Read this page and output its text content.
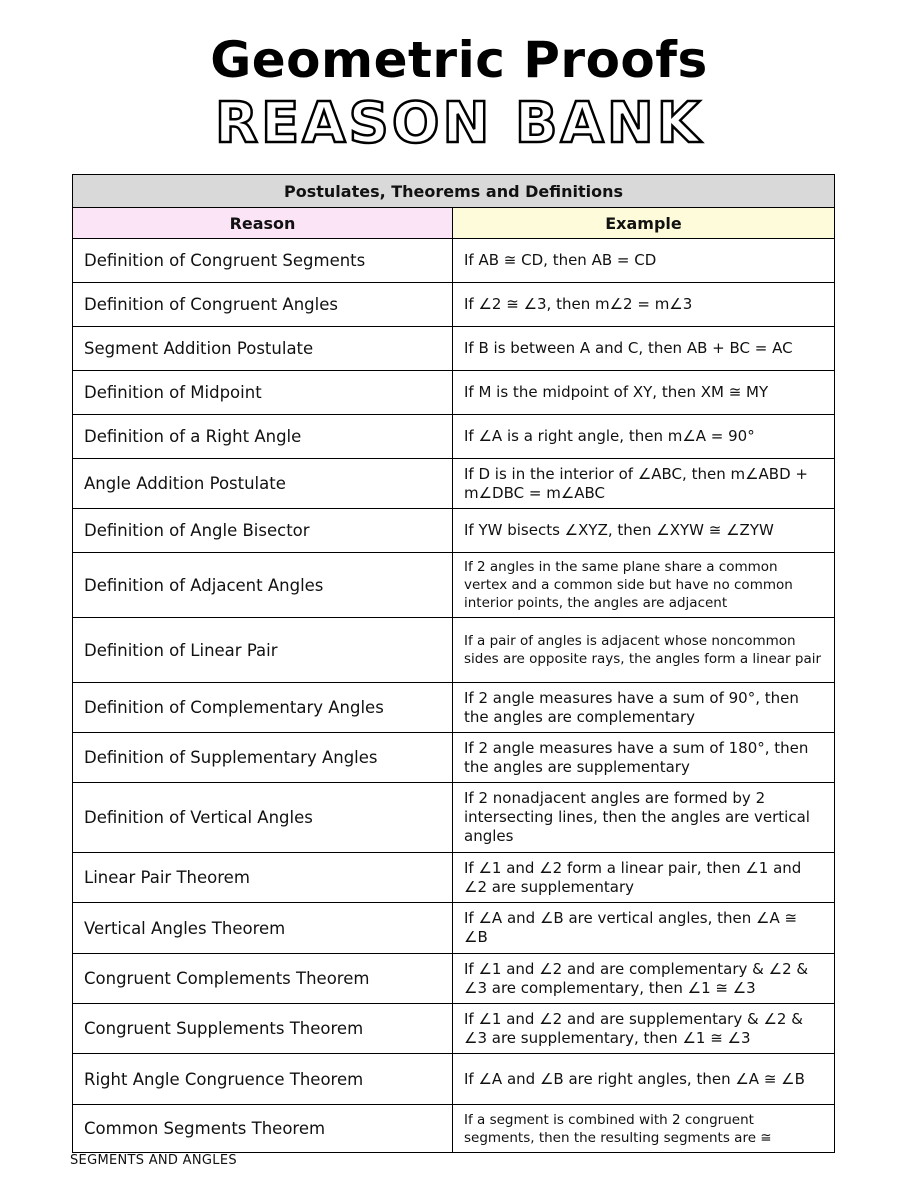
Geometric Proofs
REASON BANK
Postulates, Theorems and Definitions	
Reason	Example
Definition of Congruent Segments	If AB ≅ CD, then AB = CD
Definition of Congruent Angles	If ∠2 ≅ ∠3, then m∠2 = m∠3
Segment Addition Postulate	If B is between A and C, then AB + BC = AC
Definition of Midpoint	If M is the midpoint of XY, then XM ≅ MY
Definition of a Right Angle	If ∠A is a right angle, then m∠A = 90°
Angle Addition Postulate	If D is in the interior of ∠ABC, then m∠ABD + m∠DBC = m∠ABC
Definition of Angle Bisector	If YW bisects ∠XYZ, then ∠XYW ≅ ∠ZYW
Definition of Adjacent Angles	If 2 angles in the same plane share a common vertex and a common side but have no common interior points, the angles are adjacent
Definition of Linear Pair	If a pair of angles is adjacent whose noncommon sides are opposite rays, the angles form a linear pair
Definition of Complementary Angles	If 2 angle measures have a sum of 90°, then the angles are complementary
Definition of Supplementary Angles	If 2 angle measures have a sum of 180°, then the angles are supplementary
Definition of Vertical Angles	If 2 nonadjacent angles are formed by 2 intersecting lines, then the angles are vertical angles
Linear Pair Theorem	If ∠1 and ∠2 form a linear pair, then ∠1 and ∠2 are supplementary
Vertical Angles Theorem	If ∠A and ∠B are vertical angles, then ∠A ≅ ∠B
Congruent Complements Theorem	If ∠1 and ∠2 and are complementary & ∠2 & ∠3 are complementary, then ∠1 ≅ ∠3
Congruent Supplements Theorem	If ∠1 and ∠2 and are supplementary & ∠2 & ∠3 are supplementary, then ∠1 ≅ ∠3
Right Angle Congruence Theorem	If ∠A and ∠B are right angles, then ∠A ≅ ∠B
Common Segments Theorem	If a segment is combined with 2 congruent segments, then the resulting segments are ≅
SEGMENTS AND ANGLES
